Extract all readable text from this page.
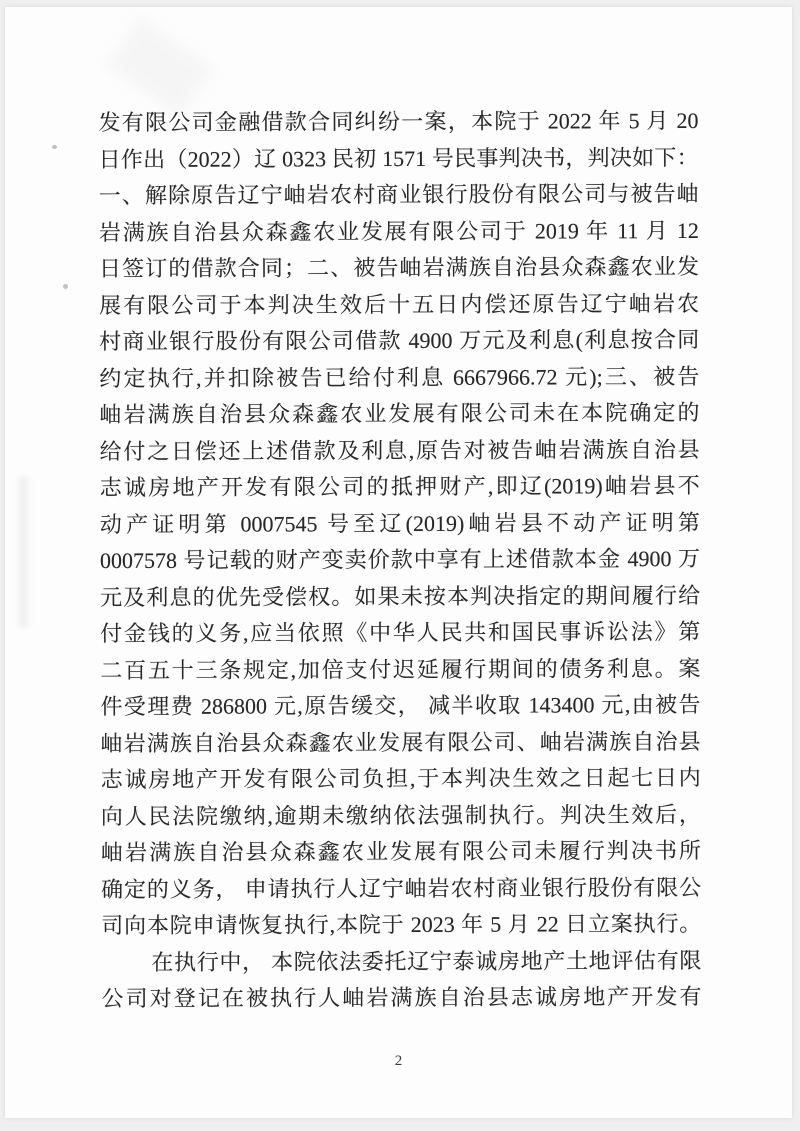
发有限公司金融借款合同纠纷一案，本院于 2022 年 5 月 20
日作出（2022）辽 0323 民初 1571 号民事判决书，判决如下：
一、解除原告辽宁岫岩农村商业银行股份有限公司与被告岫
岩满族自治县众森鑫农业发展有限公司于 2019 年 11 月 12
日签订的借款合同；二、被告岫岩满族自治县众森鑫农业发
展有限公司于本判决生效后十五日内偿还原告辽宁岫岩农
村商业银行股份有限公司借款 4900 万元及利息(利息按合同
约定执行,并扣除被告已给付利息 6667966.72 元);三、被告
岫岩满族自治县众森鑫农业发展有限公司未在本院确定的
给付之日偿还上述借款及利息,原告对被告岫岩满族自治县
志诚房地产开发有限公司的抵押财产,即辽(2019)岫岩县不
动产证明第 0007545 号至辽(2019)岫岩县不动产证明第
0007578 号记载的财产变卖价款中享有上述借款本金 4900 万
元及利息的优先受偿权。如果未按本判决指定的期间履行给
付金钱的义务,应当依照《中华人民共和国民事诉讼法》第
二百五十三条规定,加倍支付迟延履行期间的债务利息。案
件受理费 286800 元,原告缓交， 减半收取 143400 元,由被告
岫岩满族自治县众森鑫农业发展有限公司、岫岩满族自治县
志诚房地产开发有限公司负担,于本判决生效之日起七日内
向人民法院缴纳,逾期未缴纳依法强制执行。判决生效后，
岫岩满族自治县众森鑫农业发展有限公司未履行判决书所
确定的义务， 申请执行人辽宁岫岩农村商业银行股份有限公
司向本院申请恢复执行,本院于 2023 年 5 月 22 日立案执行。
在执行中， 本院依法委托辽宁泰诚房地产土地评估有限
公司对登记在被执行人岫岩满族自治县志诚房地产开发有
2
